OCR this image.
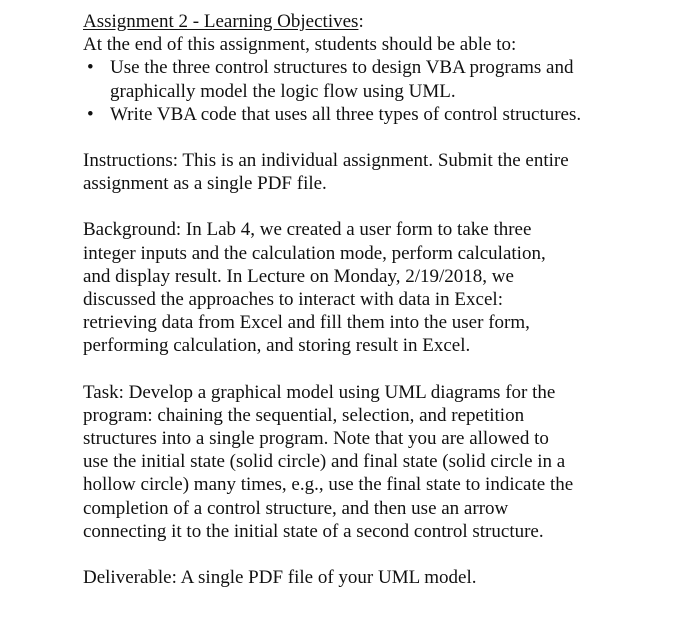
Assignment 2 - Learning Objectives:
At the end of this assignment, students should be able to:
• Use the three control structures to design VBA programs and
graphically model the logic flow using UML.
• Write VBA code that uses all three types of control structures.
Instructions: This is an individual assignment. Submit the entire
assignment as a single PDF file.
Background: In Lab 4, we created a user form to take three
integer inputs and the calculation mode, perform calculation,
and display result. In Lecture on Monday, 2/19/2018, we
discussed the approaches to interact with data in Excel:
retrieving data from Excel and fill them into the user form,
performing calculation, and storing result in Excel.
Task: Develop a graphical model using UML diagrams for the
program: chaining the sequential, selection, and repetition
structures into a single program. Note that you are allowed to
use the initial state (solid circle) and final state (solid circle in a
hollow circle) many times, e.g., use the final state to indicate the
completion of a control structure, and then use an arrow
connecting it to the initial state of a second control structure.
Deliverable: A single PDF file of your UML model.
